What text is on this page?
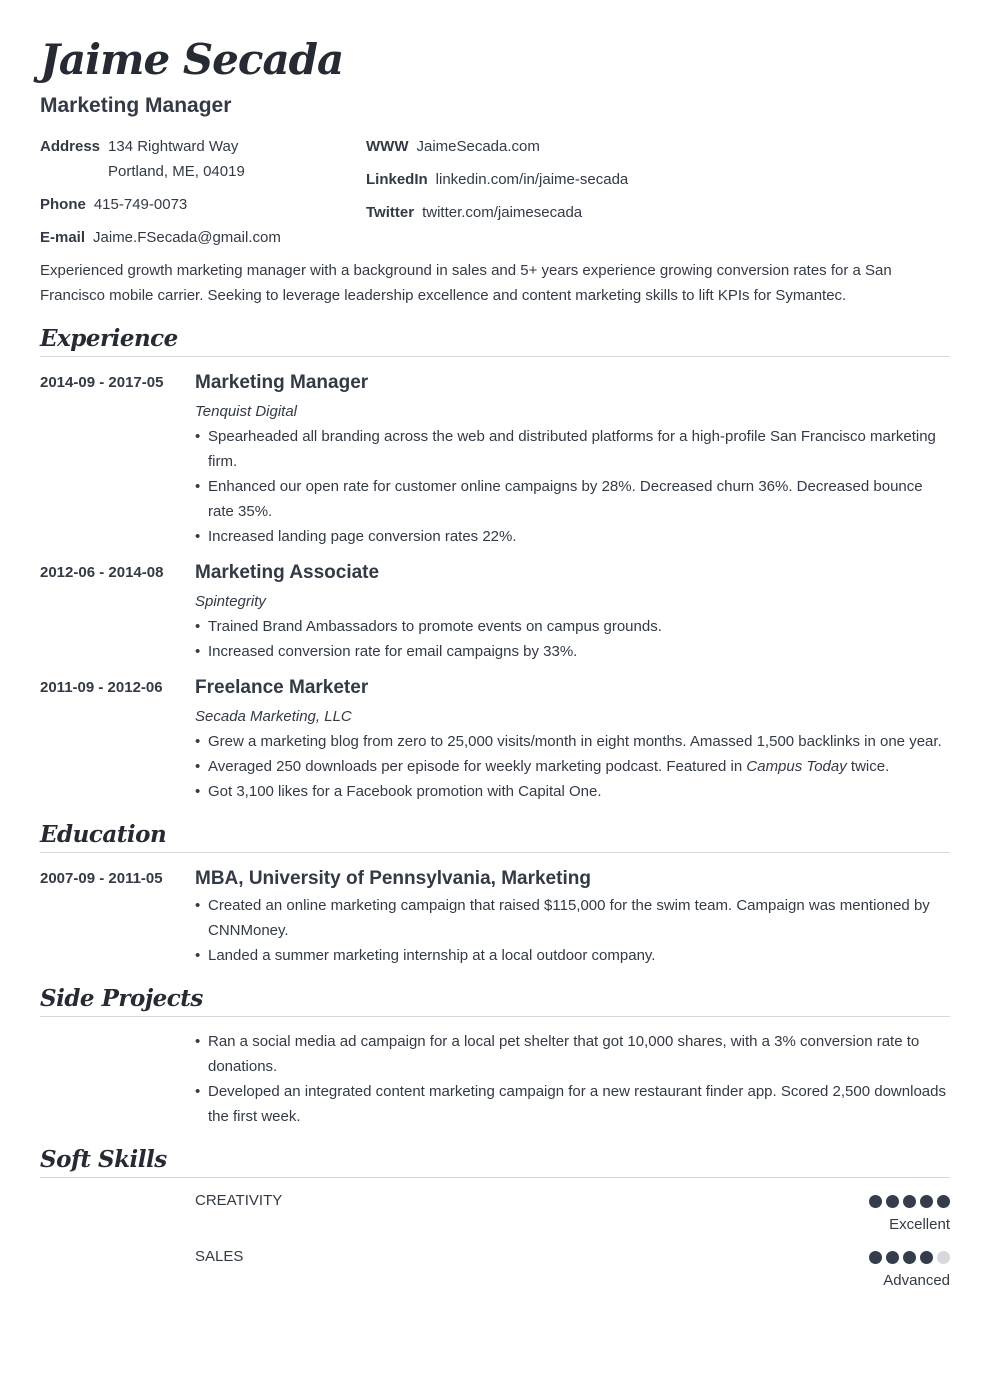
Jaime Secada
Marketing Manager
Address 134 Rightward Way
Portland, ME, 04019
Phone 415-749-0073
E-mail Jaime.FSecada@gmail.com
WWW JaimeSecada.com
LinkedIn linkedin.com/in/jaime-secada
Twitter twitter.com/jaimesecada

Experienced growth marketing manager with a background in sales and 5+ years experience growing conversion rates for a San Francisco mobile carrier. Seeking to leverage leadership excellence and content marketing skills to lift KPIs for Symantec.

Experience
2014-09 - 2017-05	Marketing Manager
Tenquist Digital
• Spearheaded all branding across the web and distributed platforms for a high-profile San Francisco marketing firm.
• Enhanced our open rate for customer online campaigns by 28%. Decreased churn 36%. Decreased bounce rate 35%.
• Increased landing page conversion rates 22%.
2012-06 - 2014-08	Marketing Associate
Spintegrity
• Trained Brand Ambassadors to promote events on campus grounds.
• Increased conversion rate for email campaigns by 33%.
2011-09 - 2012-06	Freelance Marketer
Secada Marketing, LLC
• Grew a marketing blog from zero to 25,000 visits/month in eight months. Amassed 1,500 backlinks in one year.
• Averaged 250 downloads per episode for weekly marketing podcast. Featured in Campus Today twice.
• Got 3,100 likes for a Facebook promotion with Capital One.
Education
2007-09 - 2011-05	MBA, University of Pennsylvania, Marketing
• Created an online marketing campaign that raised $115,000 for the swim team. Campaign was mentioned by CNNMoney.
• Landed a summer marketing internship at a local outdoor company.
Side Projects
• Ran a social media ad campaign for a local pet shelter that got 10,000 shares, with a 3% conversion rate to donations.
• Developed an integrated content marketing campaign for a new restaurant finder app. Scored 2,500 downloads the first week.
Soft Skills
CREATIVITY
Excellent
SALES
Advanced
